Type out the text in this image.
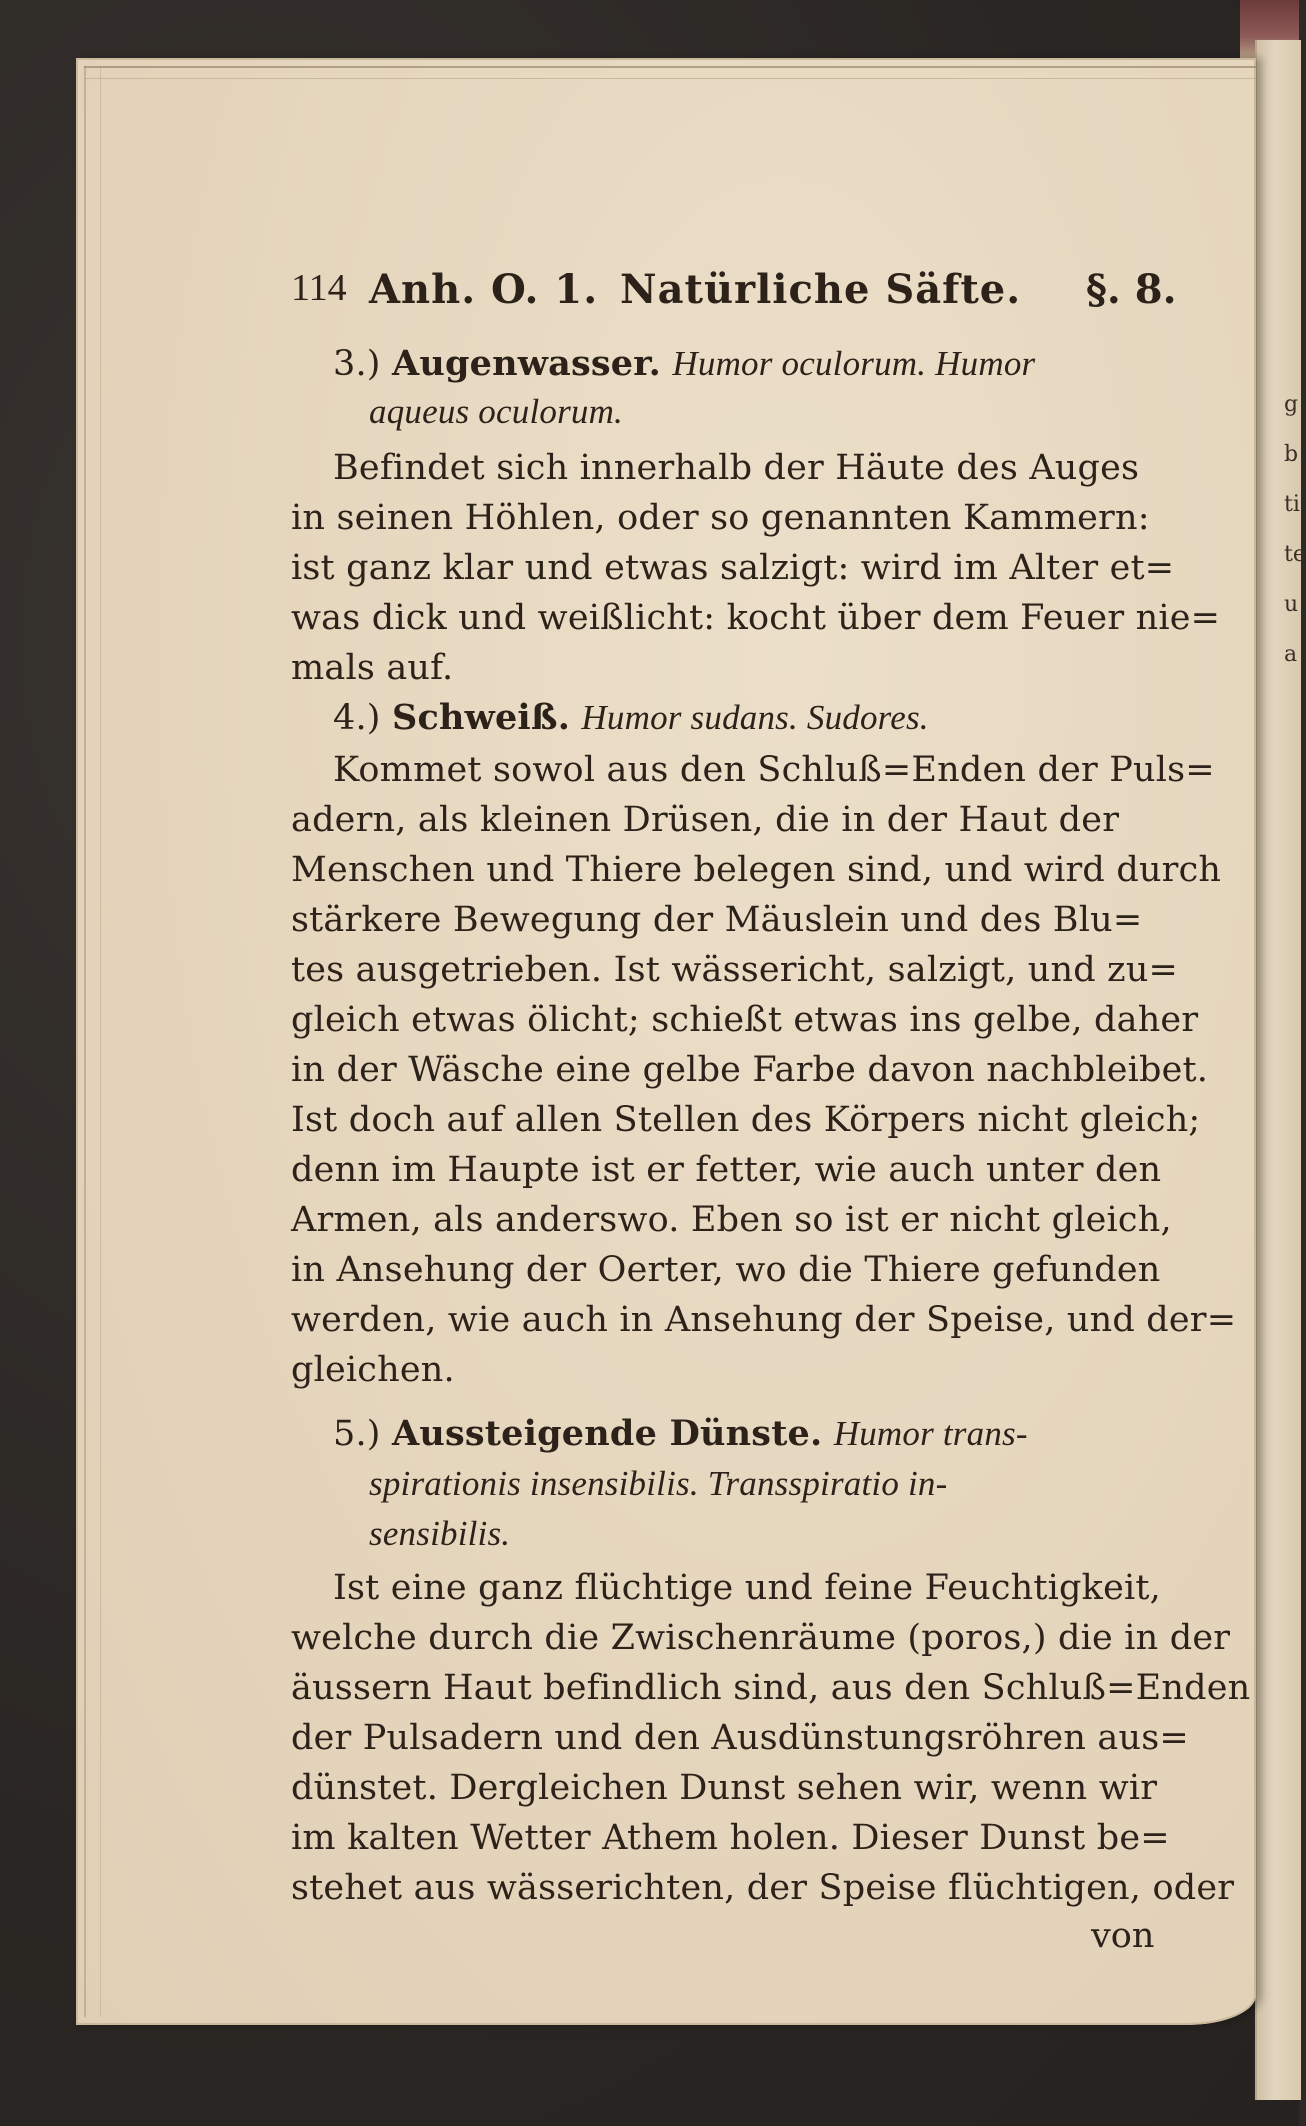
g
b
ti
te
u
a
114 Anh. O. 1. Natürliche Säfte. §. 8.
3.) Augenwasser. Humor oculorum. Humor
aqueus oculorum.
Befindet sich innerhalb der Häute des Auges
in seinen Höhlen, oder so genannten Kammern:
ist ganz klar und etwas salzigt: wird im Alter et=
was dick und weißlicht: kocht über dem Feuer nie=
mals auf.
4.) Schweiß. Humor sudans. Sudores.
Kommet sowol aus den Schluß=Enden der Puls=
adern, als kleinen Drüsen, die in der Haut der
Menschen und Thiere belegen sind, und wird durch
stärkere Bewegung der Mäuslein und des Blu=
tes ausgetrieben. Ist wässericht, salzigt, und zu=
gleich etwas ölicht; schießt etwas ins gelbe, daher
in der Wäsche eine gelbe Farbe davon nachbleibet.
Ist doch auf allen Stellen des Körpers nicht gleich;
denn im Haupte ist er fetter, wie auch unter den
Armen, als anderswo. Eben so ist er nicht gleich,
in Ansehung der Oerter, wo die Thiere gefunden
werden, wie auch in Ansehung der Speise, und der=
gleichen.
5.) Aussteigende Dünste. Humor trans-
spirationis insensibilis. Transspiratio in-
sensibilis.
Ist eine ganz flüchtige und feine Feuchtigkeit,
welche durch die Zwischenräume (poros,) die in der
äussern Haut befindlich sind, aus den Schluß=Enden
der Pulsadern und den Ausdünstungsröhren aus=
dünstet. Dergleichen Dunst sehen wir, wenn wir
im kalten Wetter Athem holen. Dieser Dunst be=
stehet aus wässerichten, der Speise flüchtigen, oder
von
